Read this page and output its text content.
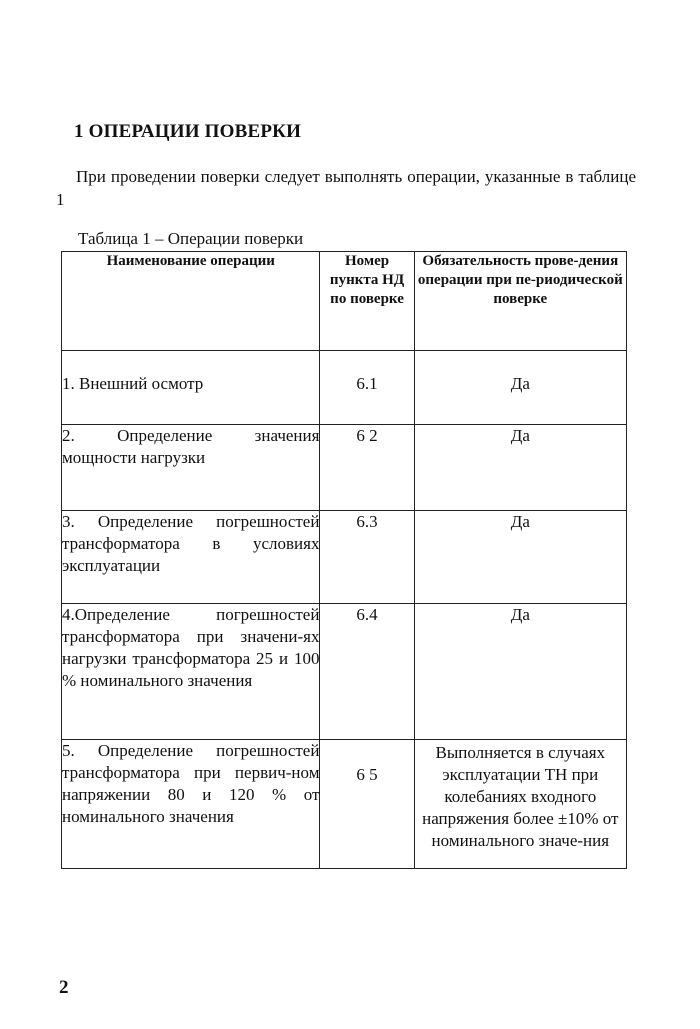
1 ОПЕРАЦИИ ПОВЕРКИ
При проведении поверки следует выполнять операции, указанные в таблице 1
Таблица 1 – Операции поверки
Наименование операции	Номер пункта НД по поверке	Обязательность прове-дения операции при пе-риодической поверке
1. Внешний осмотр	6.1	Да
2. Определение значения мощности нагрузки	6 2	Да
3. Определение погрешностей трансформатора в условиях эксплуатации	6.3	Да
4.Определение погрешностей трансформатора при значени-ях нагрузки трансформатора 25 и 100 % номинального значения	6.4	Да
5. Определение погрешностей трансформатора при первич-ном напряжении 80 и 120 % от номинального значения	6 5	Выполняется в случаях эксплуатации ТН при колебаниях входного напряжения более ±10% от номинального значе-ния
2
